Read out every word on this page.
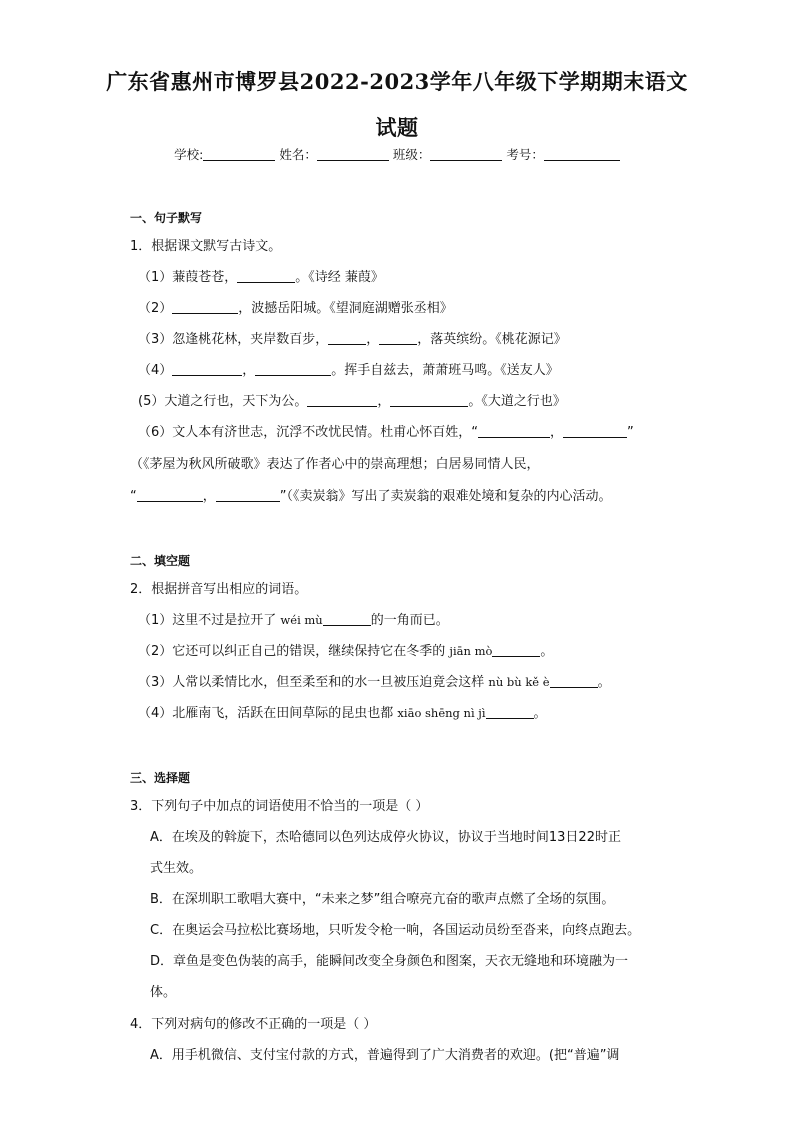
广东省惠州市博罗县2022-2023学年八年级下学期期末语文
试题
学校:	姓名：	班级：	考号：
一、句子默写
1．根据课文默写古诗文。
（1）蒹葭苍苍，	。《诗经 蒹葭》
（2）	，波撼岳阳城。《望洞庭湖赠张丞相》
（3）忽逢桃花林，夹岸数百步，	，	，落英缤纷。《桃花源记》
（4）	，	。挥手自兹去，萧萧班马鸣。《送友人》
(5）大道之行也，天下为公。	，	。《大道之行也》
（6）文人本有济世志，沉浮不改忧民情。杜甫心怀百姓，“	，	”
（《茅屋为秋风所破歌》表达了作者心中的崇高理想；白居易同情人民，
“	，	”（《卖炭翁》写出了卖炭翁的艰难处境和复杂的内心活动。
二、填空题
2．根据拼音写出相应的词语。
（1）这里不过是拉开了 wéi mù	的一角而已。
（2）它还可以纠正自己的错误，继续保持它在冬季的 jiān mò	。
（3）人常以柔情比水，但至柔至和的水一旦被压迫竟会这样 nù bù kě è	。
（4）北雁南飞，活跃在田间草际的昆虫也都 xiāo shēng nì jì	。
三、选择题
3．下列句子中加点的词语使用不恰当的一项是（ ）
A．在埃及的斡旋下，杰哈德同以色列达成停火协议，协议于当地时间13日22时正
式生效。
B．在深圳职工歌唱大赛中，“未来之梦”组合嘹亮亢奋的歌声点燃了全场的氛围。
C．在奥运会马拉松比赛场地，只听发令枪一响，各国运动员纷至沓来，向终点跑去。
D．章鱼是变色伪装的高手，能瞬间改变全身颜色和图案，天衣无缝地和环境融为一
体。
4．下列对病句的修改不正确的一项是（ ）
A．用手机微信、支付宝付款的方式，普遍得到了广大消费者的欢迎。(把“普遍”调
